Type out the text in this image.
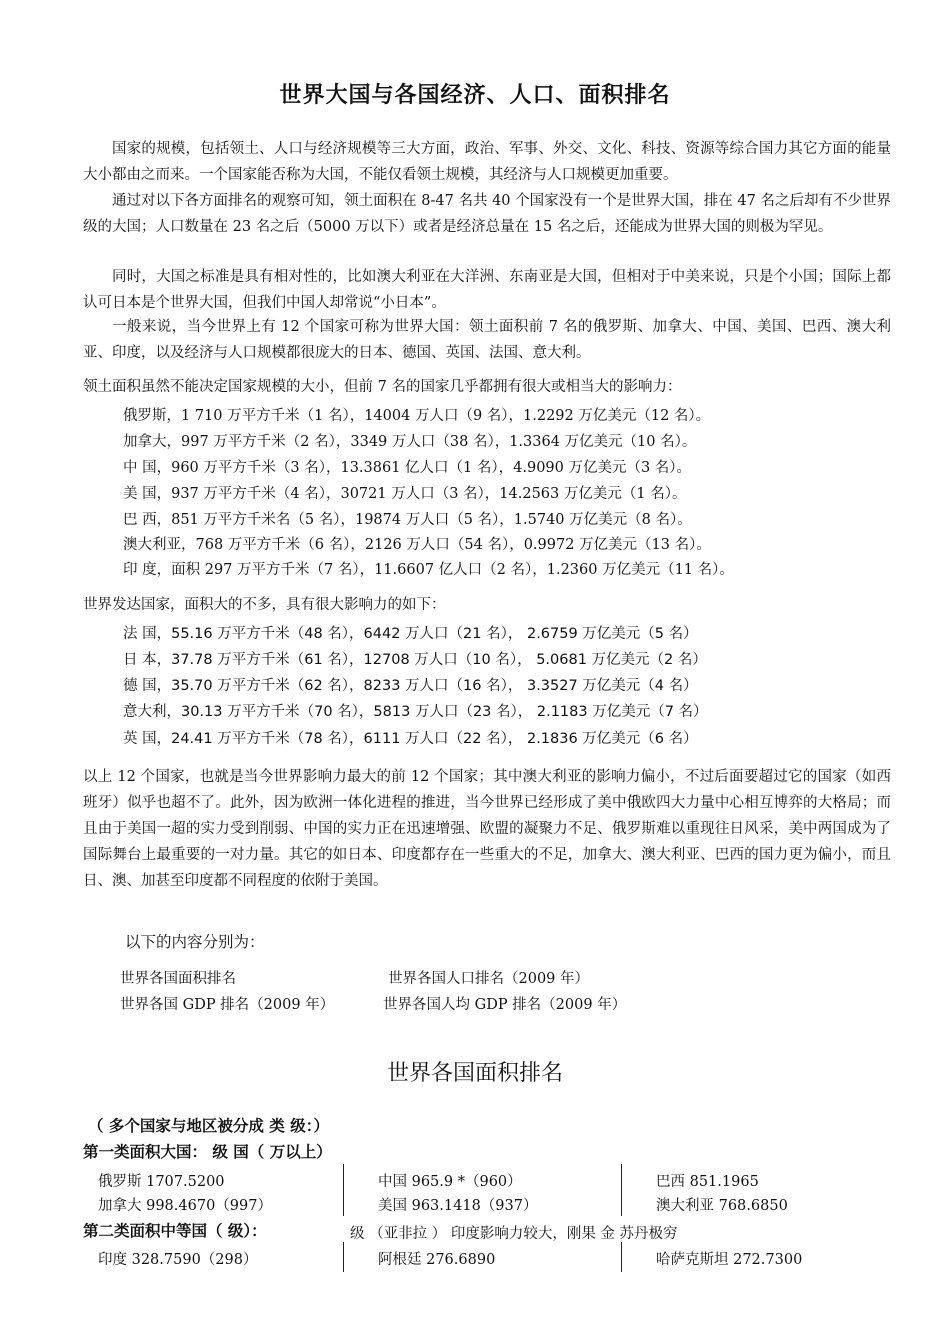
世界大国与各国经济、人口、面积排名
国家的规模，包括领土、人口与经济规模等三大方面，政治、军事、外交、文化、科技、资源等综合国力其它方面的能量大小都由之而来。一个国家能否称为大国，不能仅看领土规模，其经济与人口规模更加重要。
通过对以下各方面排名的观察可知，领土面积在 8-47 名共 40 个国家没有一个是世界大国，排在 47 名之后却有不少世界级的大国；人口数量在 23 名之后（5000 万以下）或者是经济总量在 15 名之后，还能成为世界大国的则极为罕见。
同时，大国之标准是具有相对性的，比如澳大利亚在大洋洲、东南亚是大国，但相对于中美来说，只是个小国；国际上都认可日本是个世界大国，但我们中国人却常说“小日本”。
一般来说，当今世界上有 12 个国家可称为世界大国：领土面积前 7 名的俄罗斯、加拿大、中国、美国、巴西、澳大利亚、印度，以及经济与人口规模都很庞大的日本、德国、英国、法国、意大利。
领土面积虽然不能决定国家规模的大小，但前 7 名的国家几乎都拥有很大或相当大的影响力：
俄罗斯，1 710 万平方千米（1 名），14004 万人口（9 名），1.2292 万亿美元（12 名）。
加拿大，997 万平方千米（2 名），3349 万人口（38 名），1.3364 万亿美元（10 名）。
中 国，960 万平方千米（3 名），13.3861 亿人口（1 名），4.9090 万亿美元（3 名）。
美 国，937 万平方千米（4 名），30721 万人口（3 名），14.2563 万亿美元（1 名）。
巴 西，851 万平方千米名（5 名），19874 万人口（5 名），1.5740 万亿美元（8 名）。
澳大利亚，768 万平方千米（6 名），2126 万人口（54 名），0.9972 万亿美元（13 名）。
印 度，面积 297 万平方千米（7 名），11.6607 亿人口（2 名），1.2360 万亿美元（11 名）。
世界发达国家，面积大的不多，具有很大影响力的如下：
法 国，55.16 万平方千米（48 名），6442 万人口（21 名）， 2.6759 万亿美元（5 名）
日 本，37.78 万平方千米（61 名），12708 万人口（10 名）， 5.0681 万亿美元（2 名）
德 国，35.70 万平方千米（62 名），8233 万人口（16 名）， 3.3527 万亿美元（4 名）
意大利，30.13 万平方千米（70 名），5813 万人口（23 名）， 2.1183 万亿美元（7 名）
英 国，24.41 万平方千米（78 名），6111 万人口（22 名）， 2.1836 万亿美元（6 名）
以上 12 个国家，也就是当今世界影响力最大的前 12 个国家；其中澳大利亚的影响力偏小，不过后面要超过它的国家（如西班牙）似乎也超不了。此外，因为欧洲一体化进程的推进，当今世界已经形成了美中俄欧四大力量中心相互博弈的大格局；而且由于美国一超的实力受到削弱、中国的实力正在迅速增强、欧盟的凝聚力不足、俄罗斯难以重现往日风采，美中两国成为了国际舞台上最重要的一对力量。其它的如日本、印度都存在一些重大的不足，加拿大、澳大利亚、巴西的国力更为偏小，而且日、澳、加甚至印度都不同程度的依附于美国。
以下的内容分别为：
世界各国面积排名	世界各国人口排名（2009 年）
世界各国 GDP 排名（2009 年）	世界各国人均 GDP 排名（2009 年）
世界各国面积排名
（ 多个国家与地区被分成 类 级：）
第一类面积大国： 级 国（ 万以上）
俄罗斯 1707.5200	中国 965.9 *（960）	巴西 851.1965
加拿大 998.4670（997）	美国 963.1418（937）	澳大利亚 768.6850
第二类面积中等国（ 级）：	级 （亚非拉 ） 印度影响力较大，刚果 金 苏丹极穷
印度 328.7590（298）	阿根廷 276.6890	哈萨克斯坦 272.7300
